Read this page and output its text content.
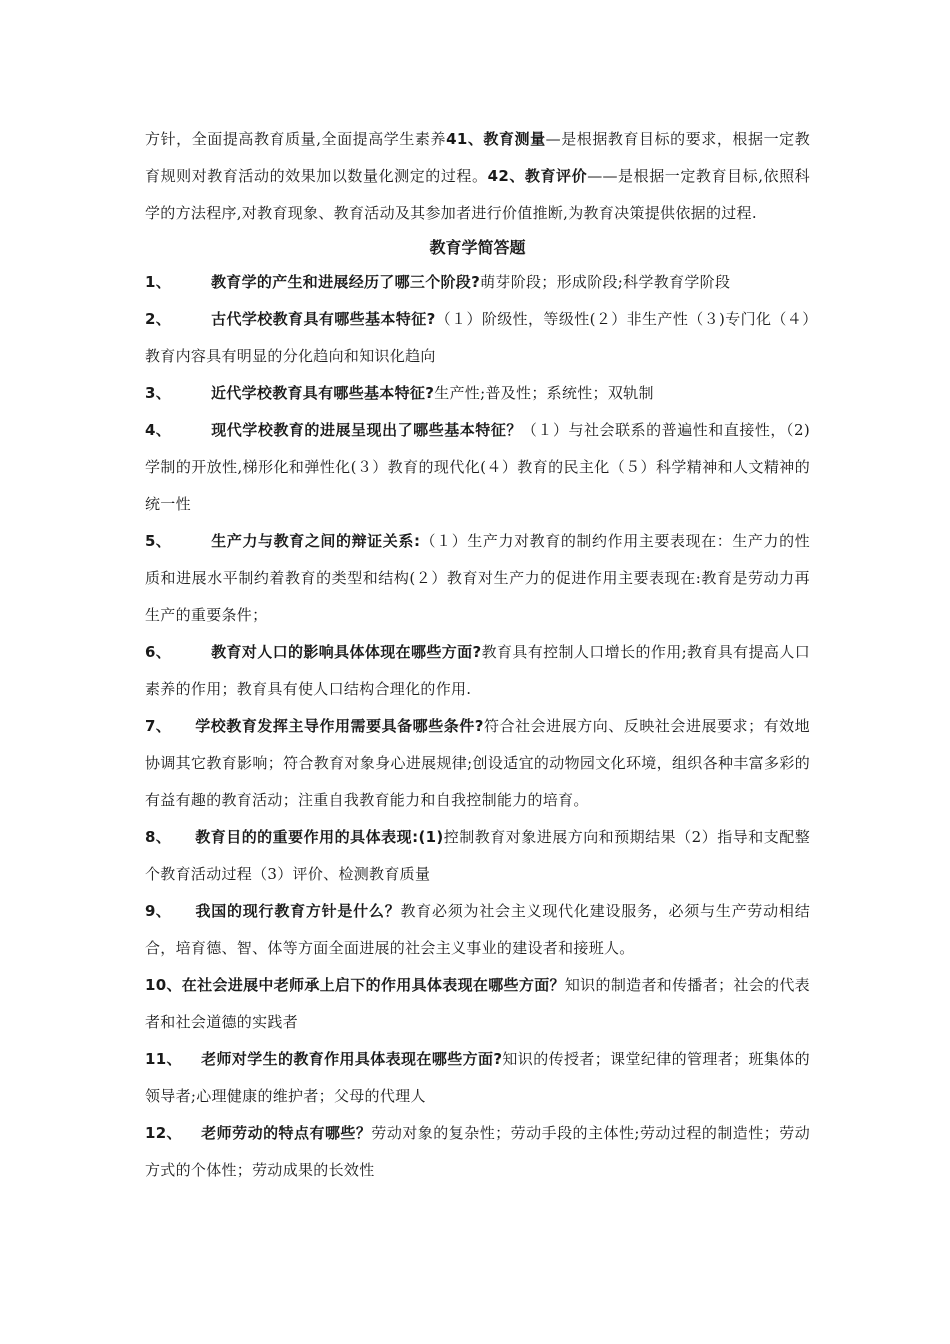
方针，全面提高教育质量,全面提高学生素养41、教育测量—是根据教育目标的要求，根据一定教育规则对教育活动的效果加以数量化测定的过程。42、教育评价——是根据一定教育目标,依照科学的方法程序,对教育现象、教育活动及其参加者进行价值推断,为教育决策提供依据的过程.

教育学简答题

1、	教育学的产生和进展经历了哪三个阶段?萌芽阶段；形成阶段;科学教育学阶段

2、	古代学校教育具有哪些基本特征?（１）阶级性，等级性(２）非生产性（３)专门化（４）教育内容具有明显的分化趋向和知识化趋向

3、	近代学校教育具有哪些基本特征?生产性;普及性；系统性；双轨制

4、	现代学校教育的进展呈现出了哪些基本特征？（１）与社会联系的普遍性和直接性，（2)学制的开放性,梯形化和弹性化(３）教育的现代化(４）教育的民主化（５）科学精神和人文精神的统一性

5、	生产力与教育之间的辩证关系:（１）生产力对教育的制约作用主要表现在：生产力的性质和进展水平制约着教育的类型和结构(２）教育对生产力的促进作用主要表现在:教育是劳动力再生产的重要条件；

6、	教育对人口的影响具体体现在哪些方面?教育具有控制人口增长的作用;教育具有提高人口素养的作用；教育具有使人口结构合理化的作用.

7、 学校教育发挥主导作用需要具备哪些条件?符合社会进展方向、反映社会进展要求；有效地协调其它教育影响；符合教育对象身心进展规律;创设适宜的动物园文化环境，组织各种丰富多彩的有益有趣的教育活动；注重自我教育能力和自我控制能力的培育。

8、 教育目的的重要作用的具体表现:(1)控制教育对象进展方向和预期结果（2）指导和支配整个教育活动过程（3）评价、检测教育质量

9、 我国的现行教育方针是什么？教育必须为社会主义现代化建设服务，必须与生产劳动相结合，培育德、智、体等方面全面进展的社会主义事业的建设者和接班人。

10、在社会进展中老师承上启下的作用具体表现在哪些方面？知识的制造者和传播者；社会的代表者和社会道德的实践者

11、 老师对学生的教育作用具体表现在哪些方面?知识的传授者；课堂纪律的管理者；班集体的领导者;心理健康的维护者；父母的代理人

12、 老师劳动的特点有哪些？劳动对象的复杂性；劳动手段的主体性;劳动过程的制造性；劳动方式的个体性；劳动成果的长效性
